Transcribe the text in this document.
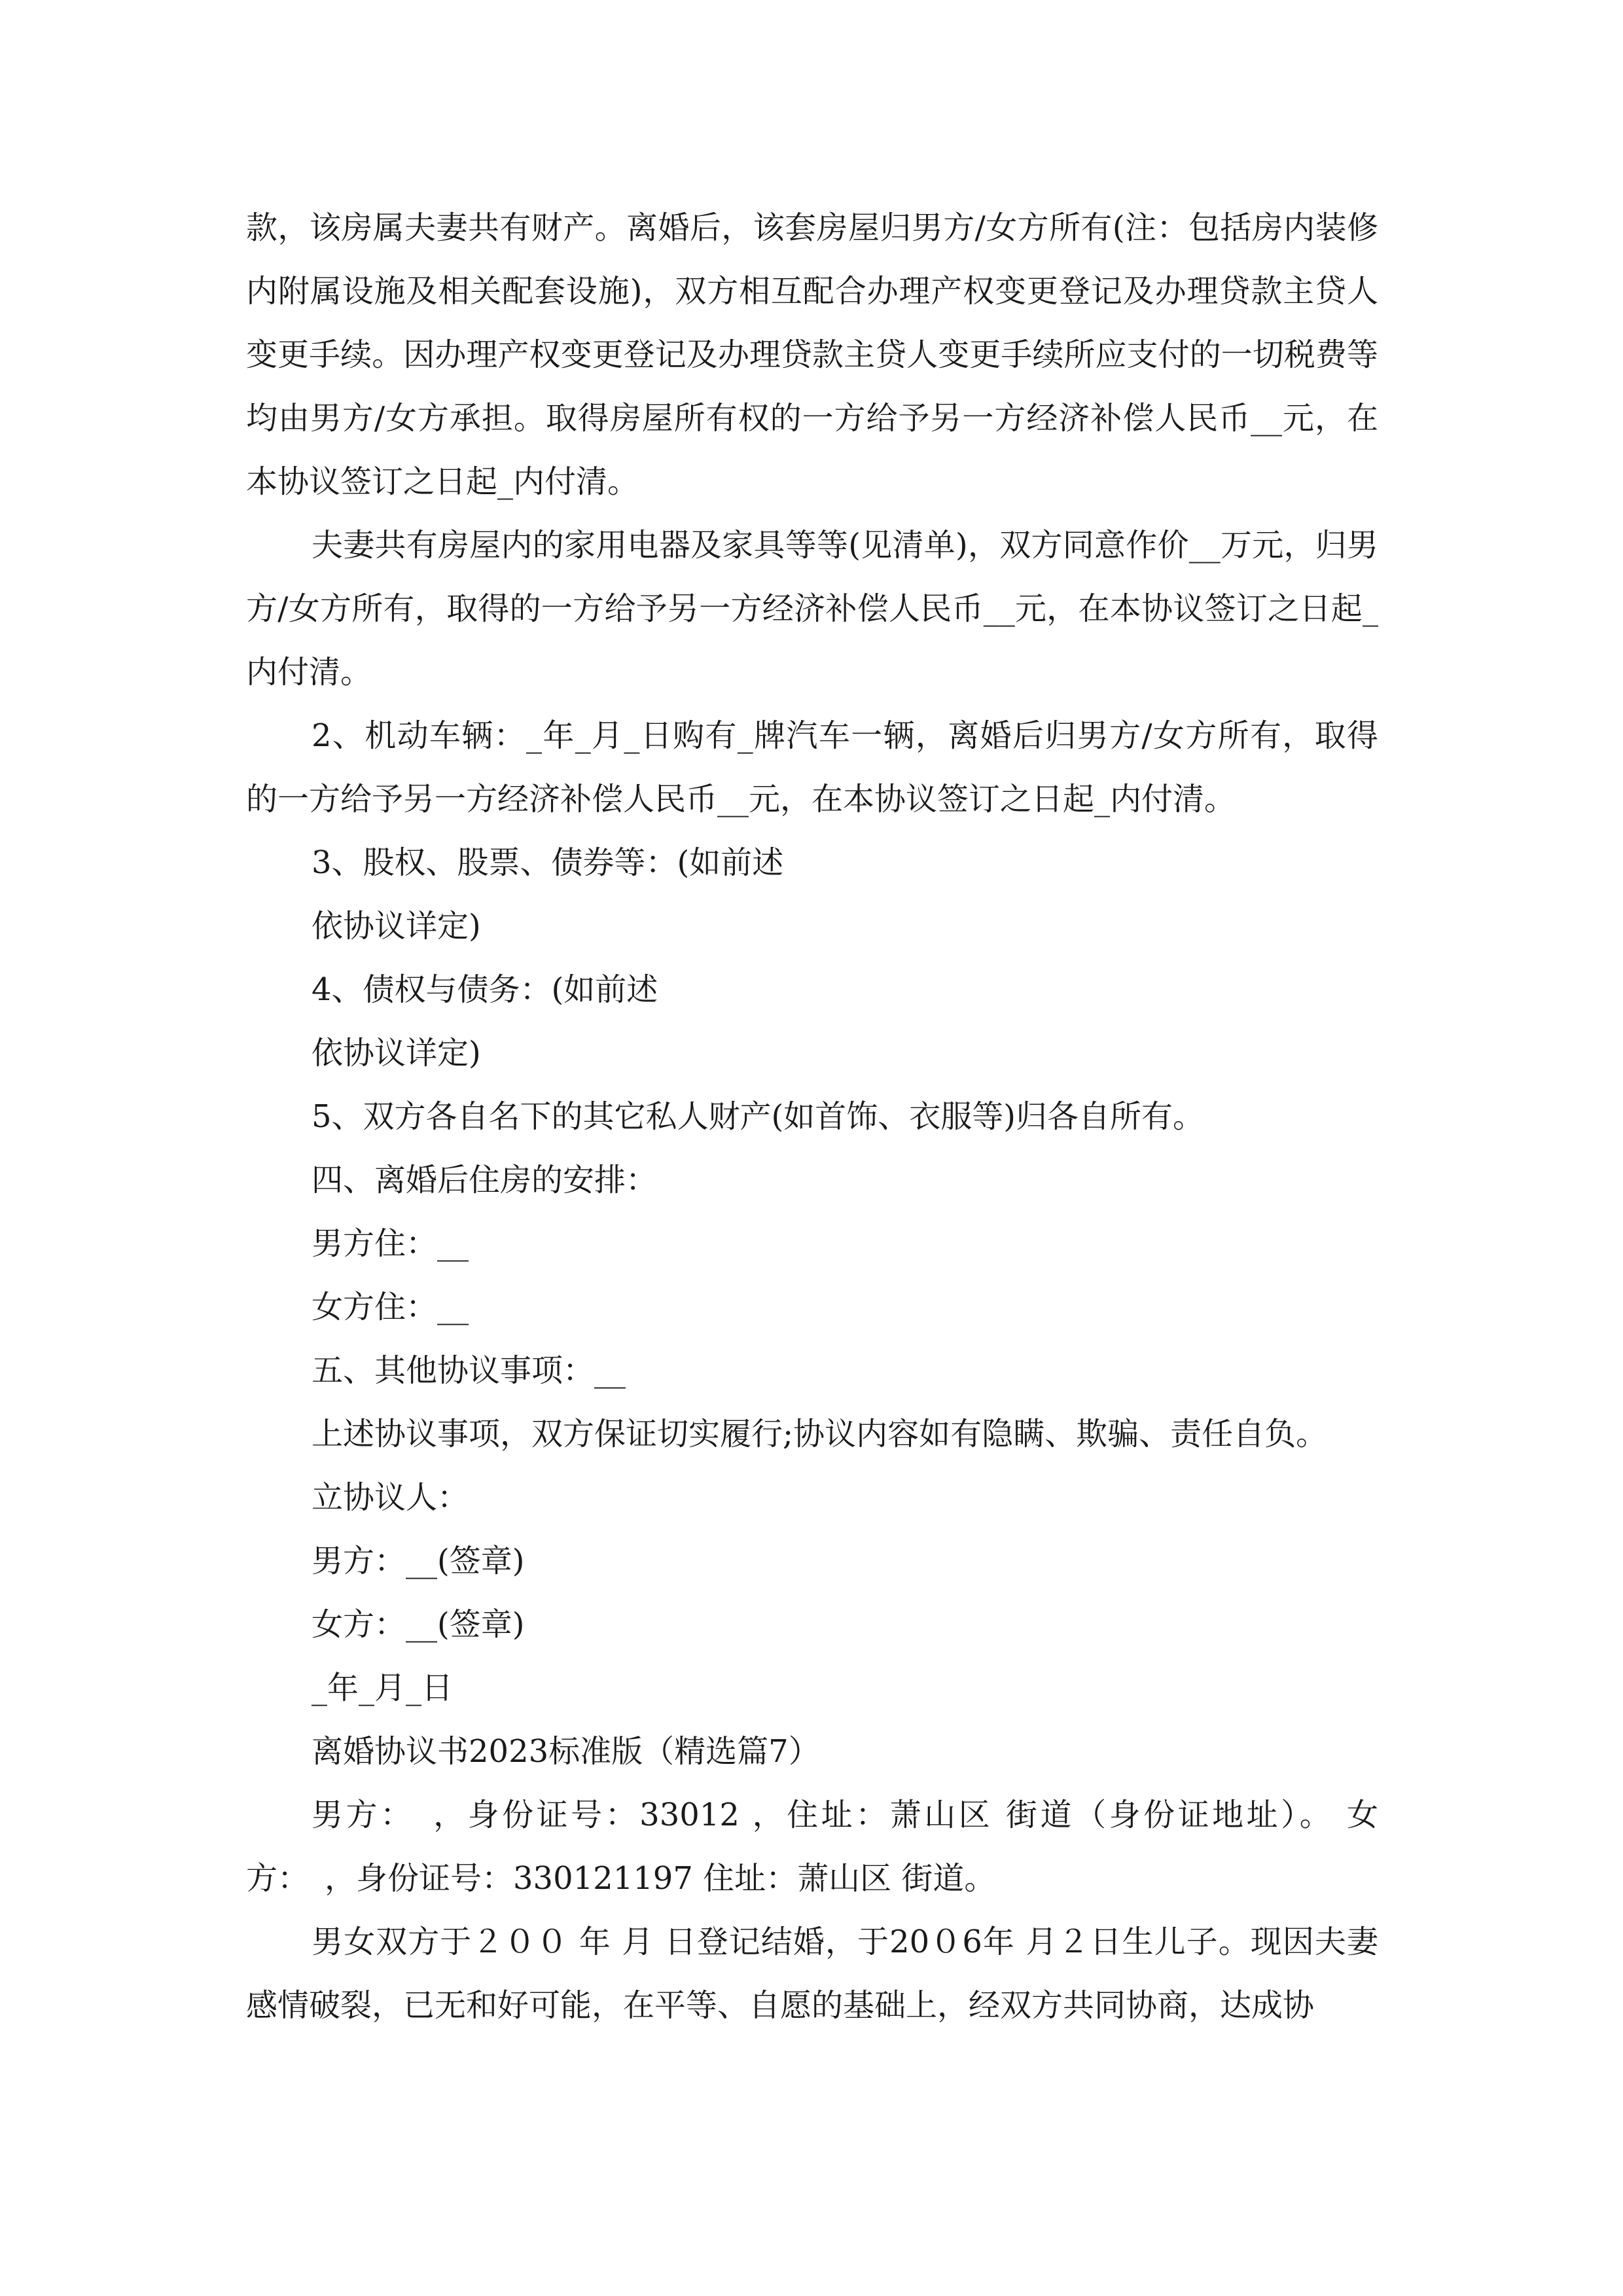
款，该房属夫妻共有财产。离婚后，该套房屋归男方/女方所有(注：包括房内装修内附属设施及相关配套设施)，双方相互配合办理产权变更登记及办理贷款主贷人变更手续。因办理产权变更登记及办理贷款主贷人变更手续所应支付的一切税费等均由男方/女方承担。取得房屋所有权的一方给予另一方经济补偿人民币__元，在本协议签订之日起_内付清。

夫妻共有房屋内的家用电器及家具等等(见清单)，双方同意作价__万元，归男方/女方所有，取得的一方给予另一方经济补偿人民币__元，在本协议签订之日起_内付清。

2、机动车辆：_年_月_日购有_牌汽车一辆，离婚后归男方/女方所有，取得的一方给予另一方经济补偿人民币__元，在本协议签订之日起_内付清。

3、股权、股票、债券等：(如前述

依协议详定)

4、债权与债务：(如前述

依协议详定)

5、双方各自名下的其它私人财产(如首饰、衣服等)归各自所有。

四、离婚后住房的安排：

男方住：__

女方住：__

五、其他协议事项：__

上述协议事项，双方保证切实履行;协议内容如有隐瞒、欺骗、责任自负。

立协议人：

男方：__(签章)

女方：__(签章)

_年_月_日

离婚协议书2023标准版（精选篇7）

男方：　，身份证号：33012 ，住址：萧山区 街道（身份证地址）。 女方：　，身份证号：330121197 住址：萧山区 街道。

男女双方于２００ 年 月 日登记结婚，于20０6年 月２日生儿子。现因夫妻感情破裂，已无和好可能，在平等、自愿的基础上，经双方共同协商，达成协
